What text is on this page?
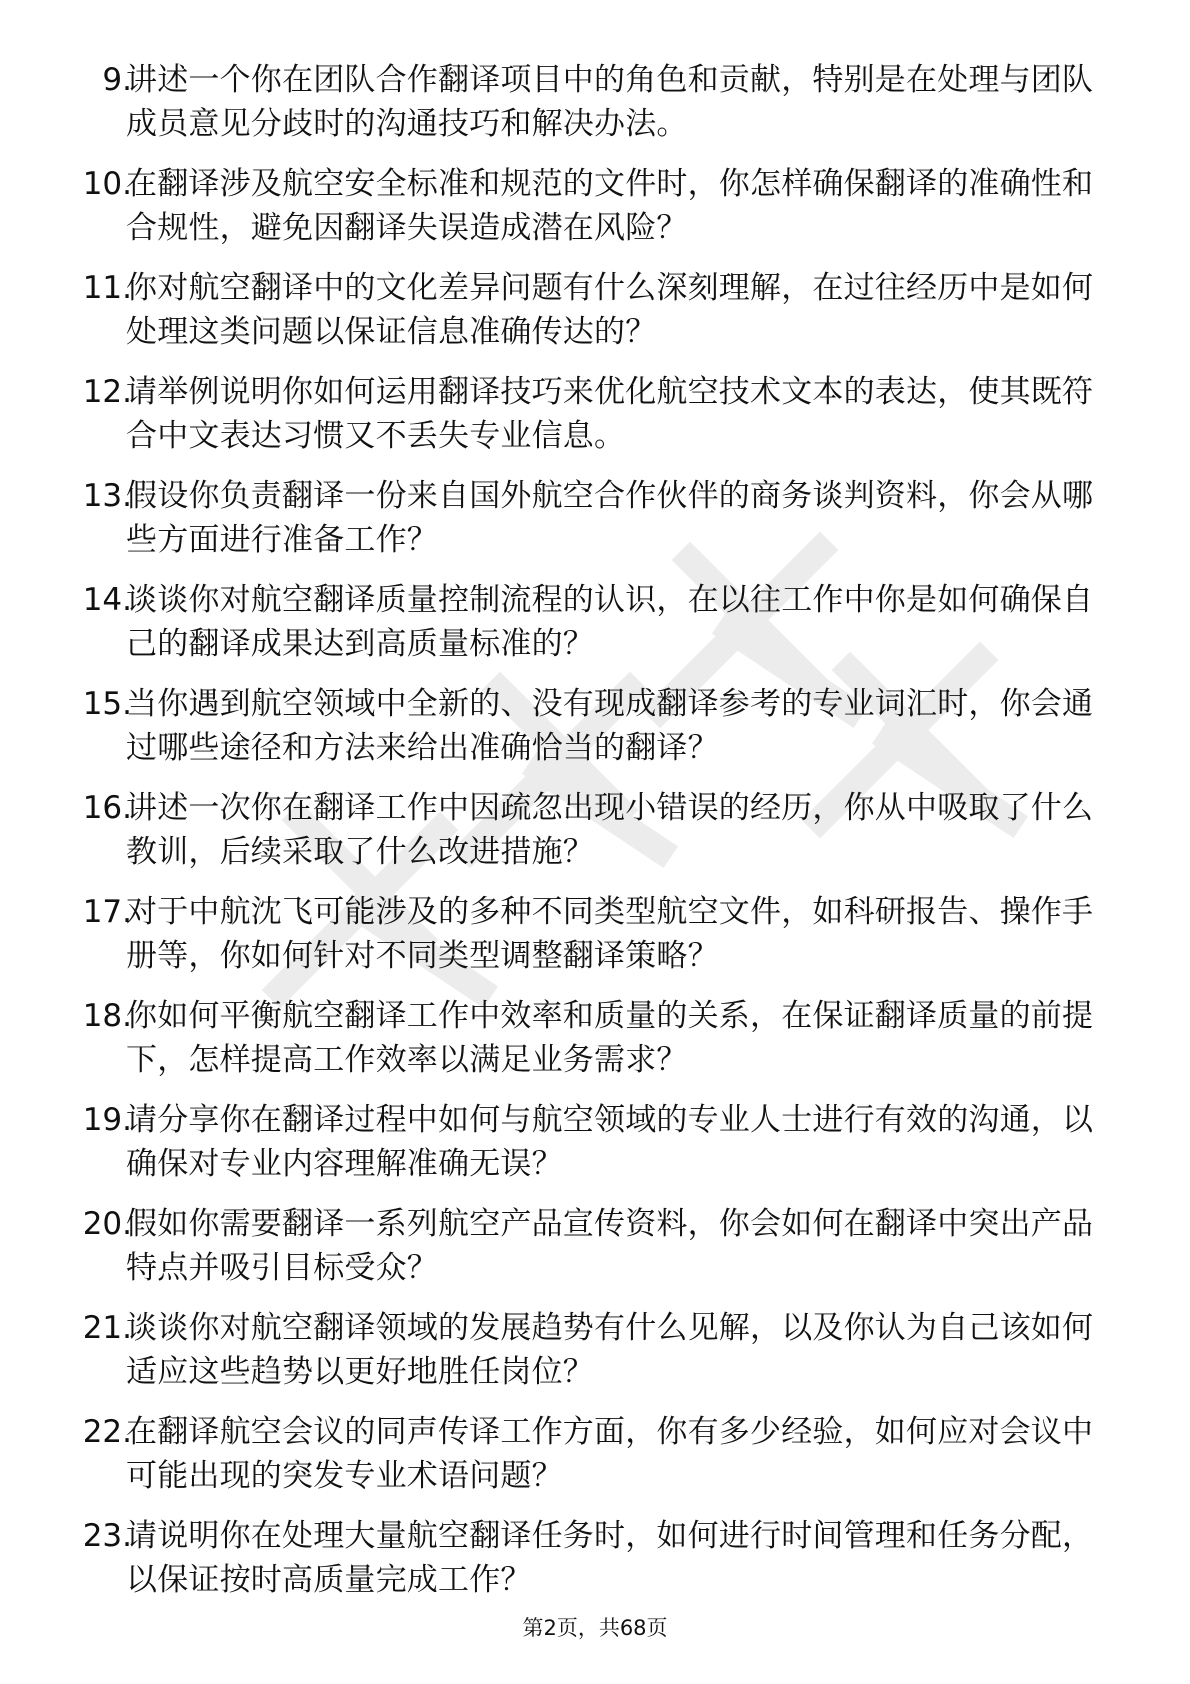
9.
讲述一个你在团队合作翻译项目中的角色和贡献，特别是在处理与团队成员意见分歧时的沟通技巧和解决办法。
10.
在翻译涉及航空安全标准和规范的文件时，你怎样确保翻译的准确性和合规性，避免因翻译失误造成潜在风险？
11.
你对航空翻译中的文化差异问题有什么深刻理解，在过往经历中是如何处理这类问题以保证信息准确传达的？
12.
请举例说明你如何运用翻译技巧来优化航空技术文本的表达，使其既符合中文表达习惯又不丢失专业信息。
13.
假设你负责翻译一份来自国外航空合作伙伴的商务谈判资料，你会从哪些方面进行准备工作？
14.
谈谈你对航空翻译质量控制流程的认识，在以往工作中你是如何确保自己的翻译成果达到高质量标准的？
15.
当你遇到航空领域中全新的、没有现成翻译参考的专业词汇时，你会通过哪些途径和方法来给出准确恰当的翻译？
16.
讲述一次你在翻译工作中因疏忽出现小错误的经历，你从中吸取了什么教训，后续采取了什么改进措施？
17.
对于中航沈飞可能涉及的多种不同类型航空文件，如科研报告、操作手册等，你如何针对不同类型调整翻译策略？
18.
你如何平衡航空翻译工作中效率和质量的关系，在保证翻译质量的前提下，怎样提高工作效率以满足业务需求？
19.
请分享你在翻译过程中如何与航空领域的专业人士进行有效的沟通，以确保对专业内容理解准确无误？
20.
假如你需要翻译一系列航空产品宣传资料，你会如何在翻译中突出产品特点并吸引目标受众？
21.
谈谈你对航空翻译领域的发展趋势有什么见解，以及你认为自己该如何适应这些趋势以更好地胜任岗位？
22.
在翻译航空会议的同声传译工作方面，你有多少经验，如何应对会议中可能出现的突发专业术语问题？
23.
请说明你在处理大量航空翻译任务时，如何进行时间管理和任务分配，以保证按时高质量完成工作？
第2页，共68页
